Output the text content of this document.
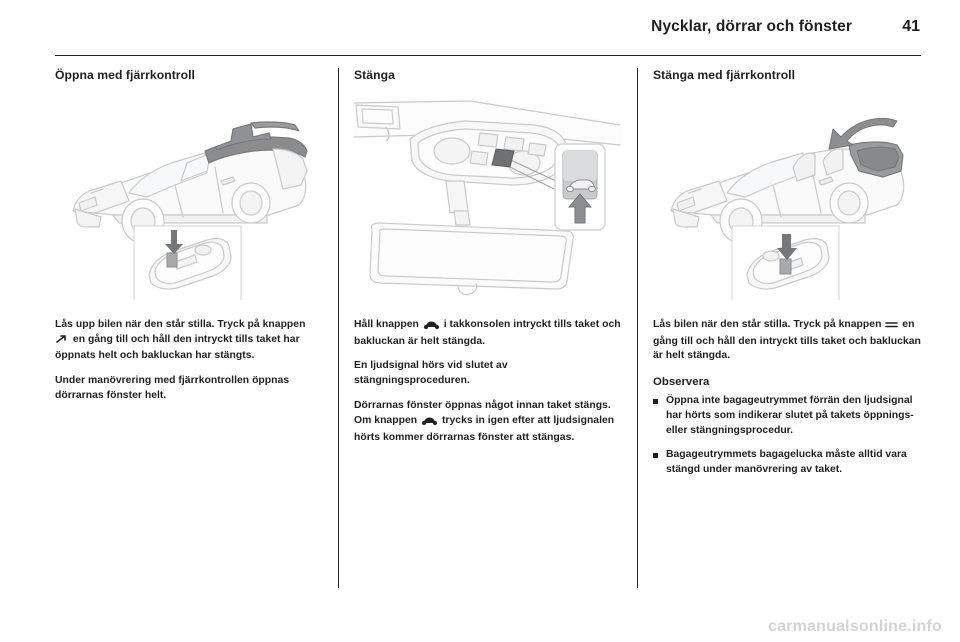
Nycklar, dörrar och fönster	41
Öppna med fjärrkontroll

Lås upp bilen när den står stilla. Tryck på knappen  en gång till och håll den intryckt tills taket har öppnats helt och bakluckan har stängts.

Under manövrering med fjärrkontrollen öppnas dörrarnas fönster helt.

Stänga

Håll knappen  i takkonsolen intryckt tills taket och bakluckan är helt stängda.

En ljudsignal hörs vid slutet av stängningsproceduren.

Dörrarnas fönster öppnas något innan taket stängs. Om knappen  trycks in igen efter att ljudsignalen hörts kommer dörrarnas fönster att stängas.

Stänga med fjärrkontroll

Lås bilen när den står stilla. Tryck på knappen  en gång till och håll den intryckt tills taket och bakluckan är helt stängda.

Observera
Öppna inte bagageutrymmet förrän den ljudsignal har hörts som indikerar slutet på takets öppnings- eller stängningsprocedur.
Bagageutrymmets bagagelucka måste alltid vara stängd under manövrering av taket.
carmanualsonline.info
